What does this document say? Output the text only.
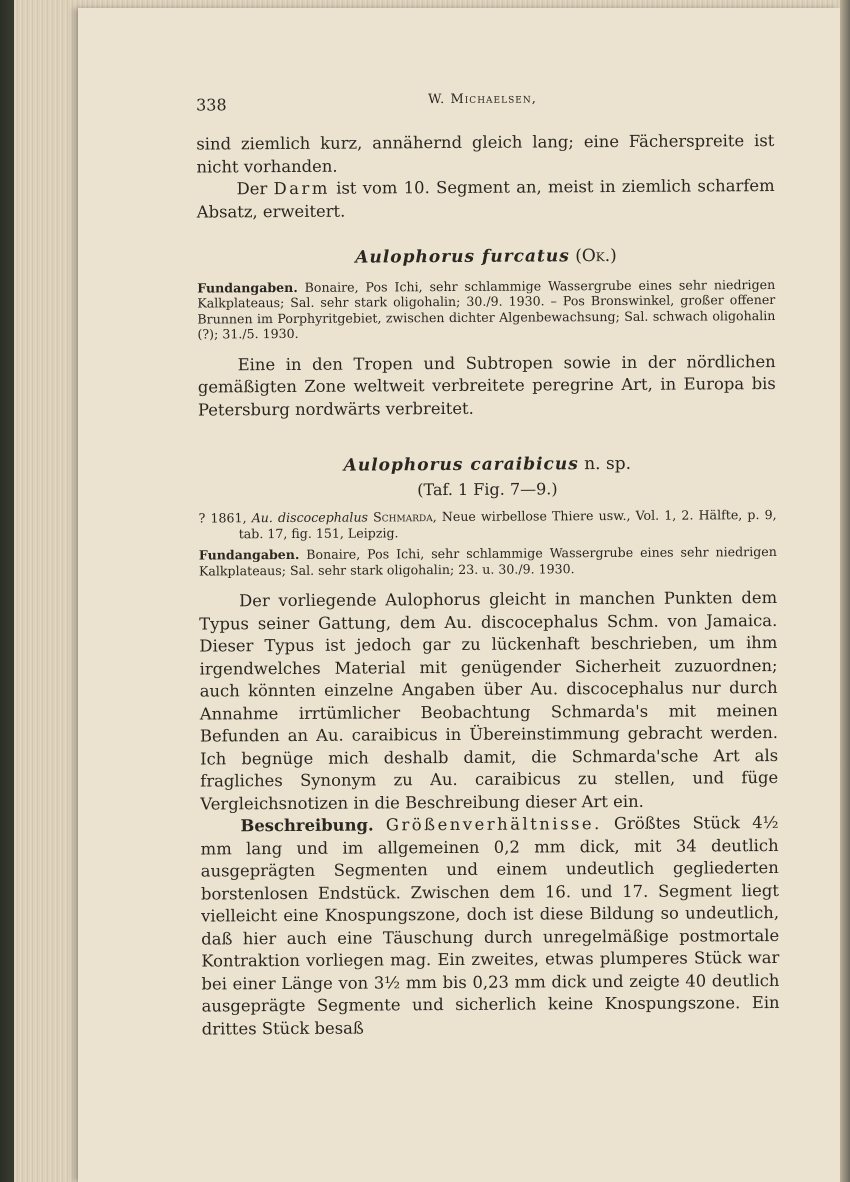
338	W. Michaelsen,

sind ziemlich kurz, annähernd gleich lang; eine Fächerspreite ist nicht vorhanden.

Der Darm ist vom 10. Segment an, meist in ziemlich scharfem Absatz, erweitert.

Aulophorus furcatus (Ok.)

Fundangaben. Bonaire, Pos Ichi, sehr schlammige Wassergrube eines sehr niedrigen Kalkplateaus; Sal. sehr stark oligohalin; 30./9. 1930. – Pos Bronswinkel, großer offener Brunnen im Porphyritgebiet, zwischen dichter Algenbewachsung; Sal. schwach oligohalin (?); 31./5. 1930.

Eine in den Tropen und Subtropen sowie in der nördlichen gemäßigten Zone weltweit verbreitete peregrine Art, in Europa bis Petersburg nordwärts verbreitet.

Aulophorus caraibicus n. sp.
(Taf. 1 Fig. 7—9.)

? 1861, Au. discocephalus Schmarda, Neue wirbellose Thiere usw., Vol. 1, 2. Hälfte, p. 9, tab. 17, fig. 151, Leipzig.

Fundangaben. Bonaire, Pos Ichi, sehr schlammige Wassergrube eines sehr niedrigen Kalkplateaus; Sal. sehr stark oligohalin; 23. u. 30./9. 1930.

Der vorliegende Aulophorus gleicht in manchen Punkten dem Typus seiner Gattung, dem Au. discocephalus Schm. von Jamaica. Dieser Typus ist jedoch gar zu lückenhaft beschrieben, um ihm irgendwelches Material mit genügender Sicherheit zuzuordnen; auch könnten einzelne Angaben über Au. discocephalus nur durch Annahme irrtümlicher Beobachtung Schmarda's mit meinen Befunden an Au. caraibicus in Übereinstimmung gebracht werden. Ich begnüge mich deshalb damit, die Schmarda'sche Art als fragliches Synonym zu Au. caraibicus zu stellen, und füge Vergleichsnotizen in die Beschreibung dieser Art ein.

Beschreibung. Größenverhältnisse. Größtes Stück 4½ mm lang und im allgemeinen 0,2 mm dick, mit 34 deutlich ausgeprägten Segmenten und einem undeutlich gegliederten borstenlosen Endstück. Zwischen dem 16. und 17. Segment liegt vielleicht eine Knospungszone, doch ist diese Bildung so undeutlich, daß hier auch eine Täuschung durch unregelmäßige postmortale Kontraktion vorliegen mag. Ein zweites, etwas plumperes Stück war bei einer Länge von 3½ mm bis 0,23 mm dick und zeigte 40 deutlich ausgeprägte Segmente und sicherlich keine Knospungszone. Ein drittes Stück besaß
